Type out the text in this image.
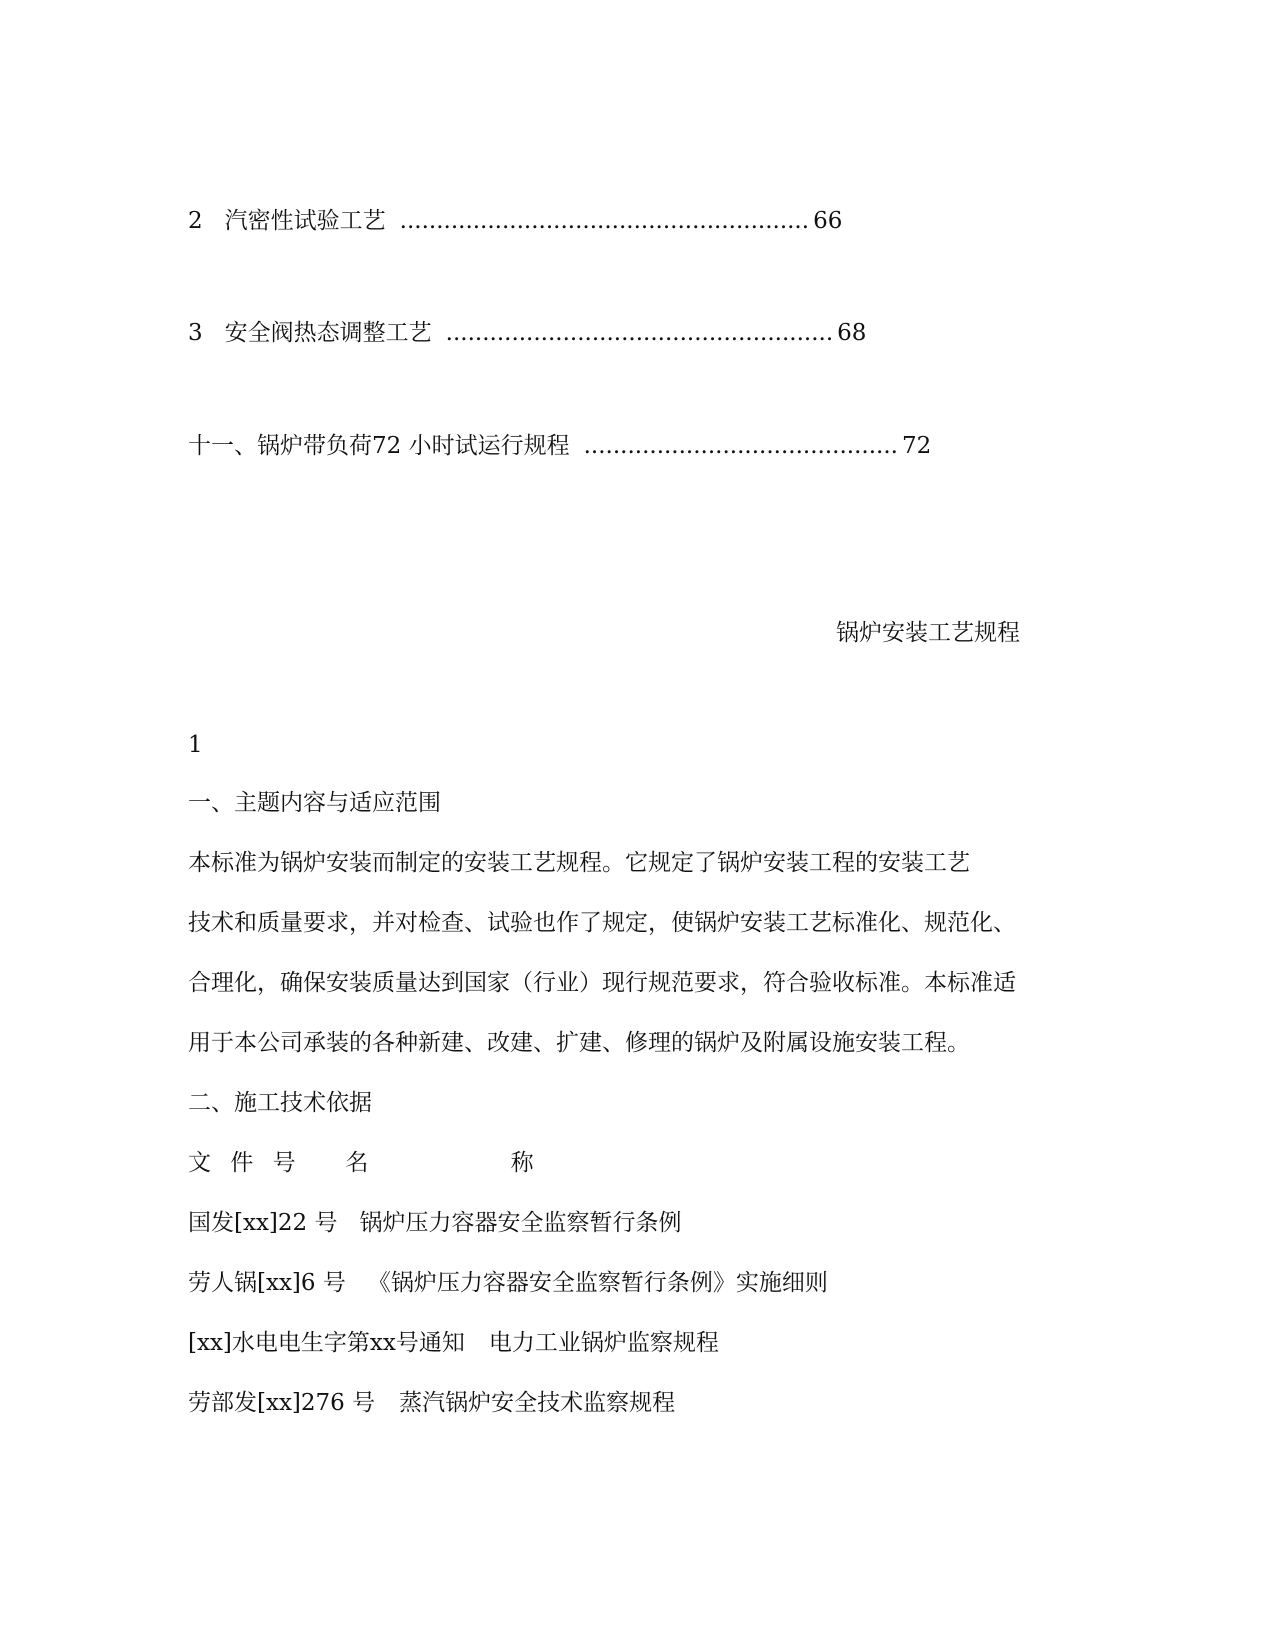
2 汽密性试验工艺 ........................................................ 66
3 安全阀热态调整工艺 ..................................................... 68
十一、锅炉带负荷72 小时试运行规程 ........................................... 72
锅炉安装工艺规程
1
一、主题内容与适应范围
本标准为锅炉安装而制定的安装工艺规程。它规定了锅炉安装工程的安装工艺
技术和质量要求，并对检查、试验也作了规定，使锅炉安装工艺标准化、规范化、
合理化，确保安装质量达到国家（行业）现行规范要求，符合验收标准。本标准适
用于本公司承装的各种新建、改建、扩建、修理的锅炉及附属设施安装工程。
二、施工技术依据
文 件 号 名	称
国发[xx]22 号 锅炉压力容器安全监察暂行条例
劳人锅[xx]6 号 《锅炉压力容器安全监察暂行条例》实施细则
[xx]水电电生字第xx号通知 电力工业锅炉监察规程
劳部发[xx]276 号 蒸汽锅炉安全技术监察规程
